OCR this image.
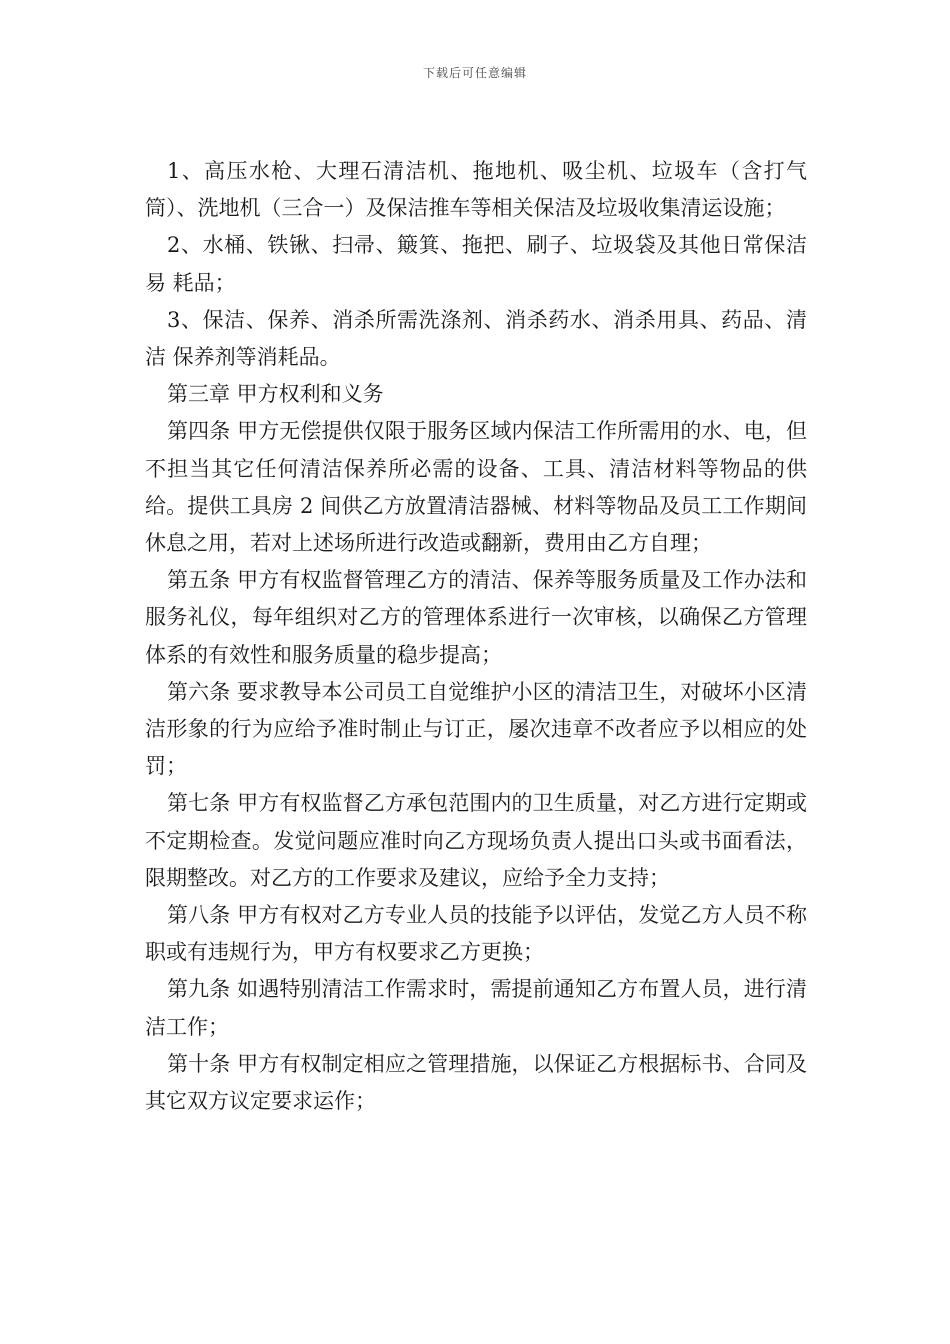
下载后可任意编辑

1、高压水枪、大理石清洁机、拖地机、吸尘机、垃圾车（含打气筒）、洗地机（三合一）及保洁推车等相关保洁及垃圾收集清运设施；

2、水桶、铁锹、扫帚、簸箕、拖把、刷子、垃圾袋及其他日常保洁易 耗品；

3、保洁、保养、消杀所需洗涤剂、消杀药水、消杀用具、药品、清洁 保养剂等消耗品。

第三章 甲方权利和义务

第四条 甲方无偿提供仅限于服务区域内保洁工作所需用的水、电，但不担当其它任何清洁保养所必需的设备、工具、清洁材料等物品的供给。提供工具房 2 间供乙方放置清洁器械、材料等物品及员工工作期间休息之用，若对上述场所进行改造或翻新，费用由乙方自理；

第五条 甲方有权监督管理乙方的清洁、保养等服务质量及工作办法和服务礼仪，每年组织对乙方的管理体系进行一次审核，以确保乙方管理体系的有效性和服务质量的稳步提高；

第六条 要求教导本公司员工自觉维护小区的清洁卫生，对破坏小区清洁形象的行为应给予准时制止与订正，屡次违章不改者应予以相应的处罚；

第七条 甲方有权监督乙方承包范围内的卫生质量，对乙方进行定期或不定期检查。发觉问题应准时向乙方现场负责人提出口头或书面看法，限期整改。对乙方的工作要求及建议，应给予全力支持；

第八条 甲方有权对乙方专业人员的技能予以评估，发觉乙方人员不称职或有违规行为，甲方有权要求乙方更换；

第九条 如遇特别清洁工作需求时，需提前通知乙方布置人员，进行清洁工作；

第十条 甲方有权制定相应之管理措施，以保证乙方根据标书、合同及其它双方议定要求运作；
